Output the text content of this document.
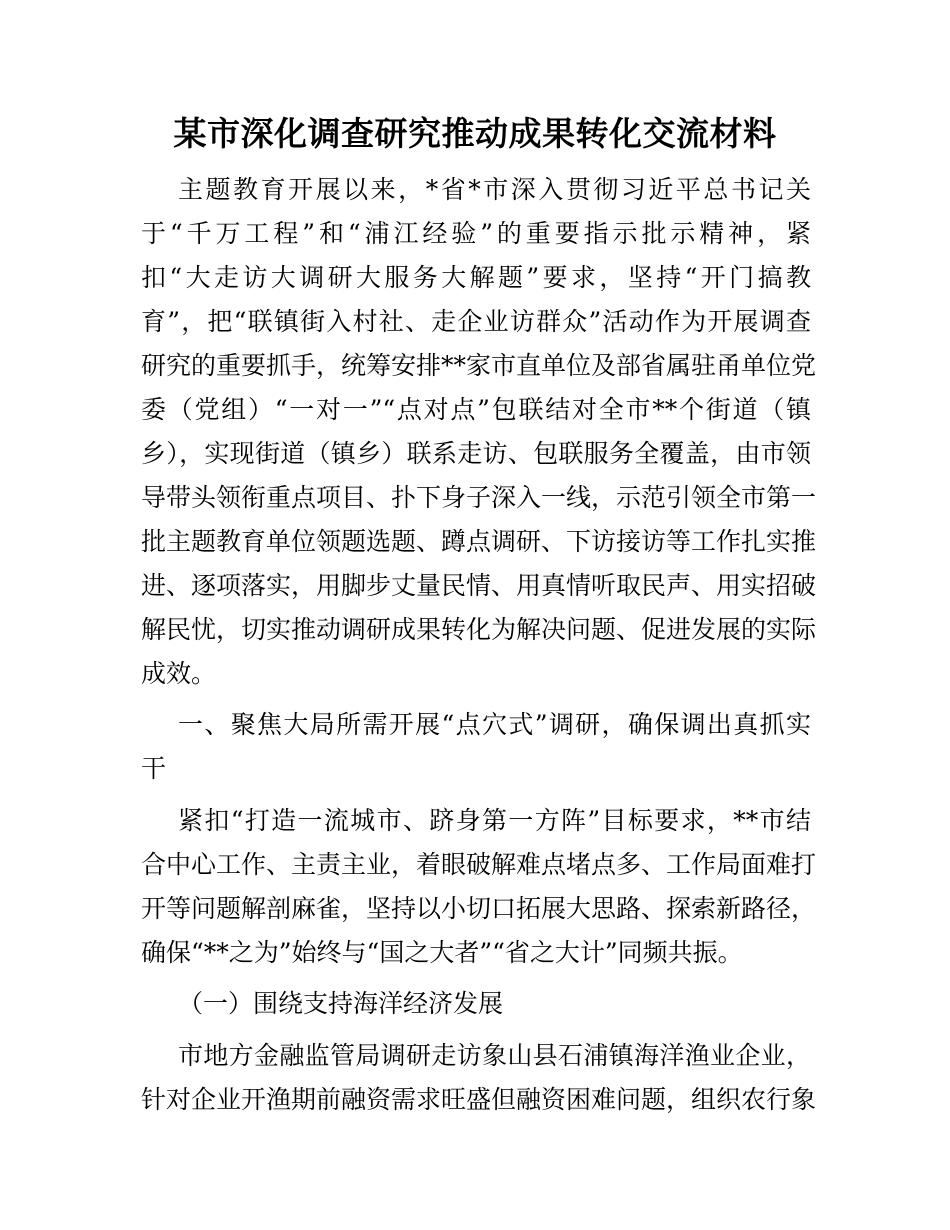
某市深化调查研究推动成果转化交流材料

主题教育开展以来，*省*市深入贯彻习近平总书记关

于“千万工程”和“浦江经验”的重要指示批示精神，紧

扣“大走访大调研大服务大解题”要求，坚持“开门搞教

育”，把“联镇街入村社、走企业访群众”活动作为开展调查

研究的重要抓手，统筹安排**家市直单位及部省属驻甬单位党

委（党组）“一对一”“点对点”包联结对全市**个街道（镇

乡），实现街道（镇乡）联系走访、包联服务全覆盖，由市领

导带头领衔重点项目、扑下身子深入一线，示范引领全市第一

批主题教育单位领题选题、蹲点调研、下访接访等工作扎实推

进、逐项落实，用脚步丈量民情、用真情听取民声、用实招破

解民忧，切实推动调研成果转化为解决问题、促进发展的实际

成效。

一、聚焦大局所需开展“点穴式”调研，确保调出真抓实

干

紧扣“打造一流城市、跻身第一方阵”目标要求，**市结

合中心工作、主责主业，着眼破解难点堵点多、工作局面难打

开等问题解剖麻雀，坚持以小切口拓展大思路、探索新路径，

确保“**之为”始终与“国之大者”“省之大计”同频共振。

（一）围绕支持海洋经济发展

市地方金融监管局调研走访象山县石浦镇海洋渔业企业，

针对企业开渔期前融资需求旺盛但融资困难问题，组织农行象
